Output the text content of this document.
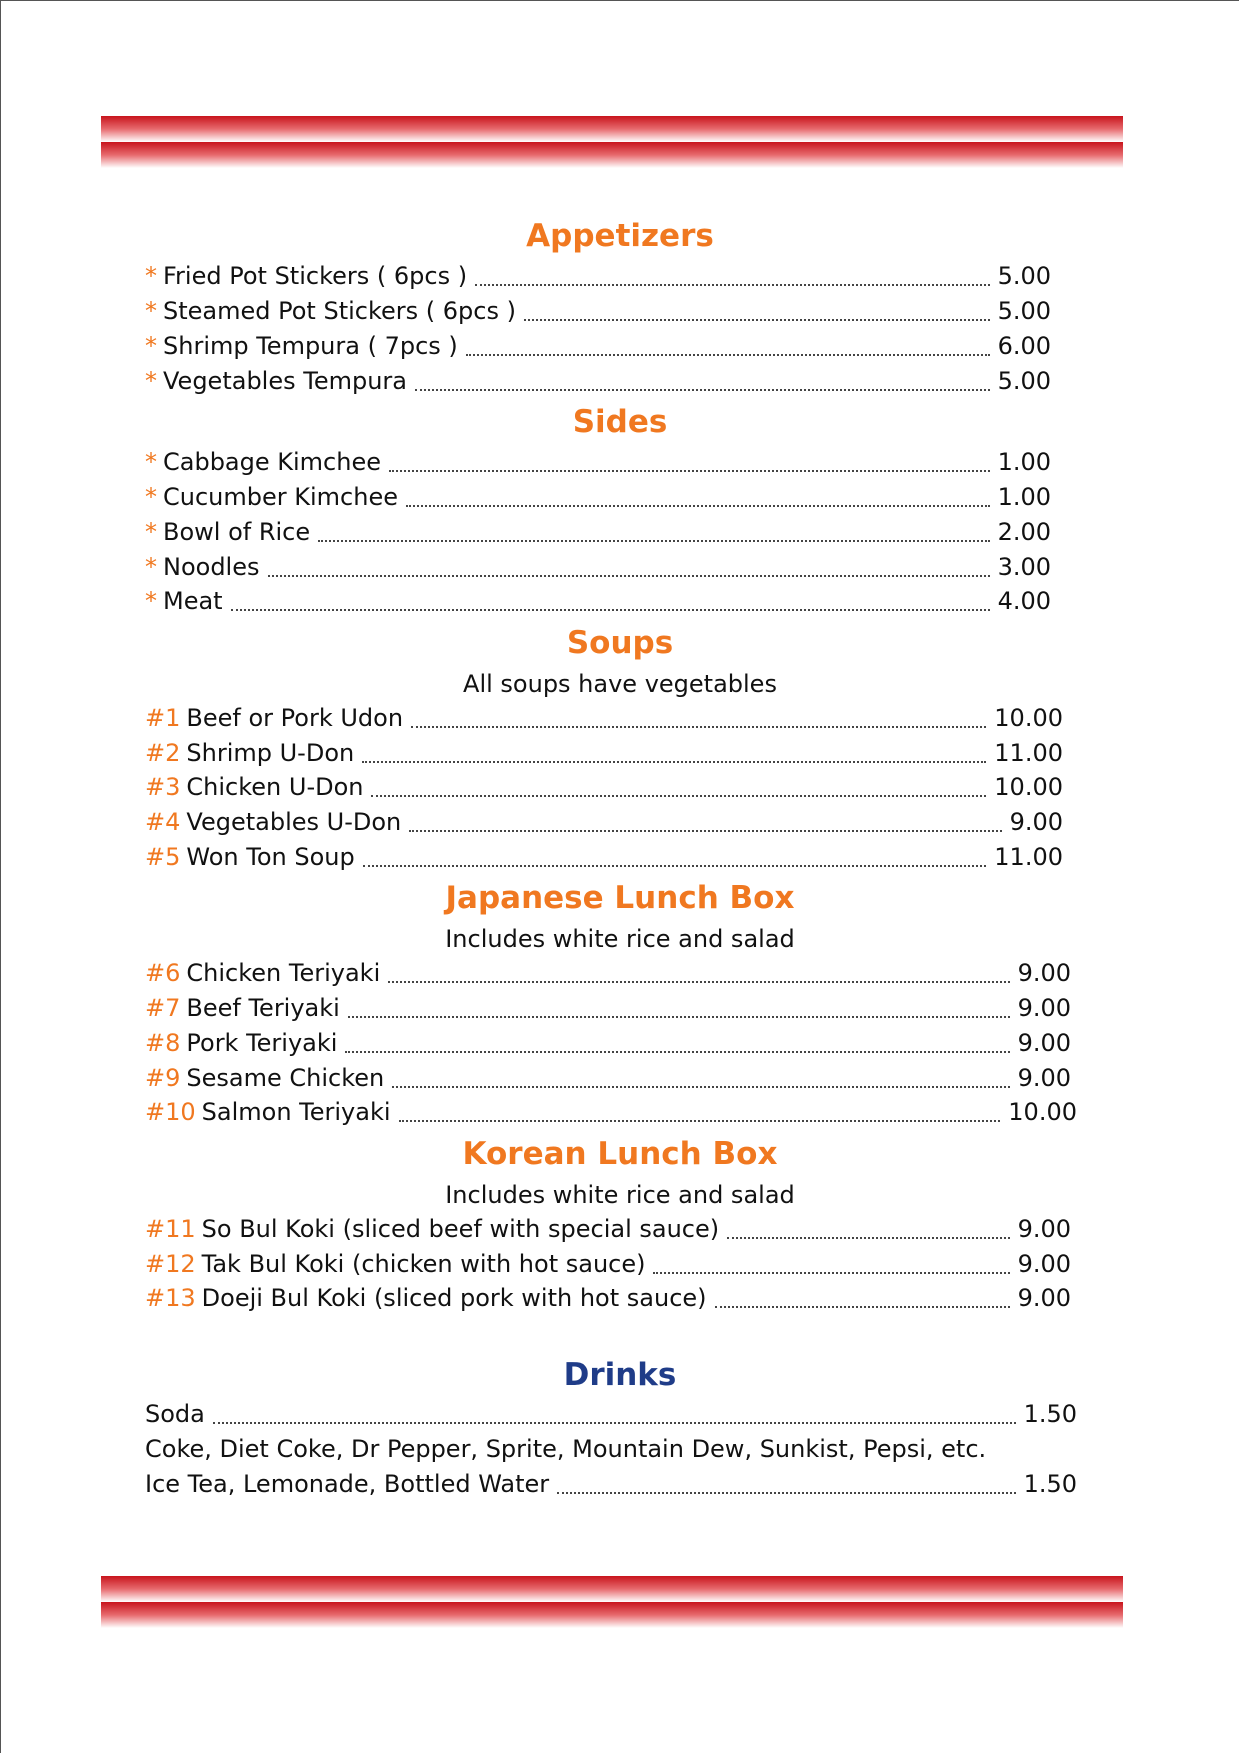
Appetizers
* Fried Pot Stickers ( 6pcs )	5.00
* Steamed Pot Stickers ( 6pcs )	5.00
* Shrimp Tempura ( 7pcs )	6.00
* Vegetables Tempura	5.00
Sides
* Cabbage Kimchee	1.00
* Cucumber Kimchee	1.00
* Bowl of Rice	2.00
* Noodles	3.00
* Meat	4.00
Soups
All soups have vegetables
#1 Beef or Pork Udon	10.00
#2 Shrimp U-Don	11.00
#3 Chicken U-Don	10.00
#4 Vegetables U-Don	9.00
#5 Won Ton Soup	11.00
Japanese Lunch Box
Includes white rice and salad
#6 Chicken Teriyaki	9.00
#7 Beef Teriyaki	9.00
#8 Pork Teriyaki	9.00
#9 Sesame Chicken	9.00
#10 Salmon Teriyaki	10.00
Korean Lunch Box
Includes white rice and salad
#11 So Bul Koki (sliced beef with special sauce)	9.00
#12 Tak Bul Koki (chicken with hot sauce)	9.00
#13 Doeji Bul Koki (sliced pork with hot sauce)	9.00
Drinks
Soda	1.50
Coke, Diet Coke, Dr Pepper, Sprite, Mountain Dew, Sunkist, Pepsi, etc.
Ice Tea, Lemonade, Bottled Water	1.50
